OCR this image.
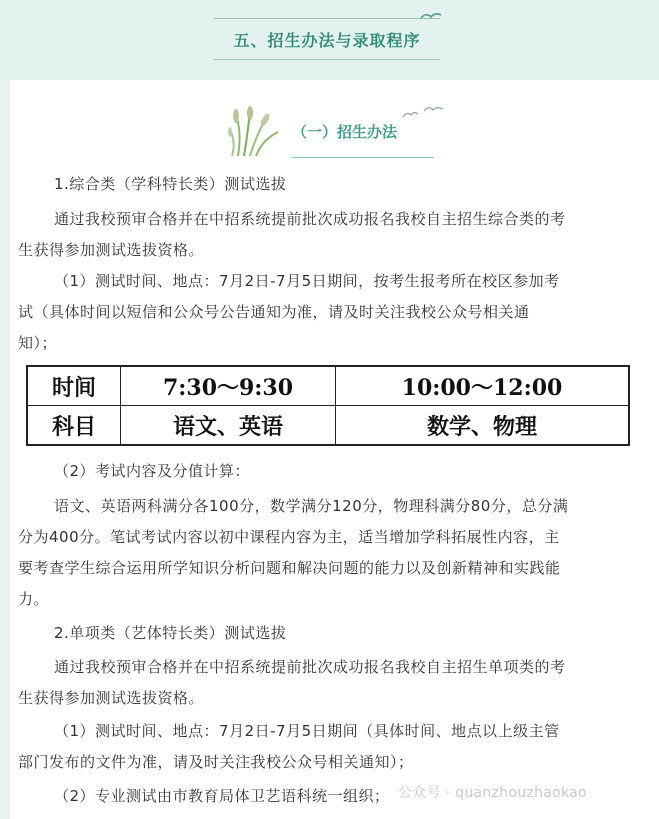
五、招生办法与录取程序
（一）招生办法

1.综合类（学科特长类）测试选拔

通过我校预审合格并在中招系统提前批次成功报名我校自主招生综合类的考

生获得参加测试选拔资格。

（1）测试时间、地点：7月2日-7月5日期间，按考生报考所在校区参加考

试（具体时间以短信和公众号公告通知为准，请及时关注我校公众号相关通

知）；

时间	7:30～9:30	10:00～12:00
科目	语文、英语	数学、物理

（2）考试内容及分值计算：

语文、英语两科满分各100分，数学满分120分，物理科满分80分，总分满

分为400分。笔试考试内容以初中课程内容为主，适当增加学科拓展性内容，主

要考查学生综合运用所学知识分析问题和解决问题的能力以及创新精神和实践能

力。

2.单项类（艺体特长类）测试选拔

通过我校预审合格并在中招系统提前批次成功报名我校自主招生单项类的考

生获得参加测试选拔资格。

（1）测试时间、地点：7月2日-7月5日期间（具体时间、地点以上级主管

部门发布的文件为准，请及时关注我校公众号相关通知）；

（2）专业测试由市教育局体卫艺语科统一组织； 公众号 · quanzhouzhaokao
